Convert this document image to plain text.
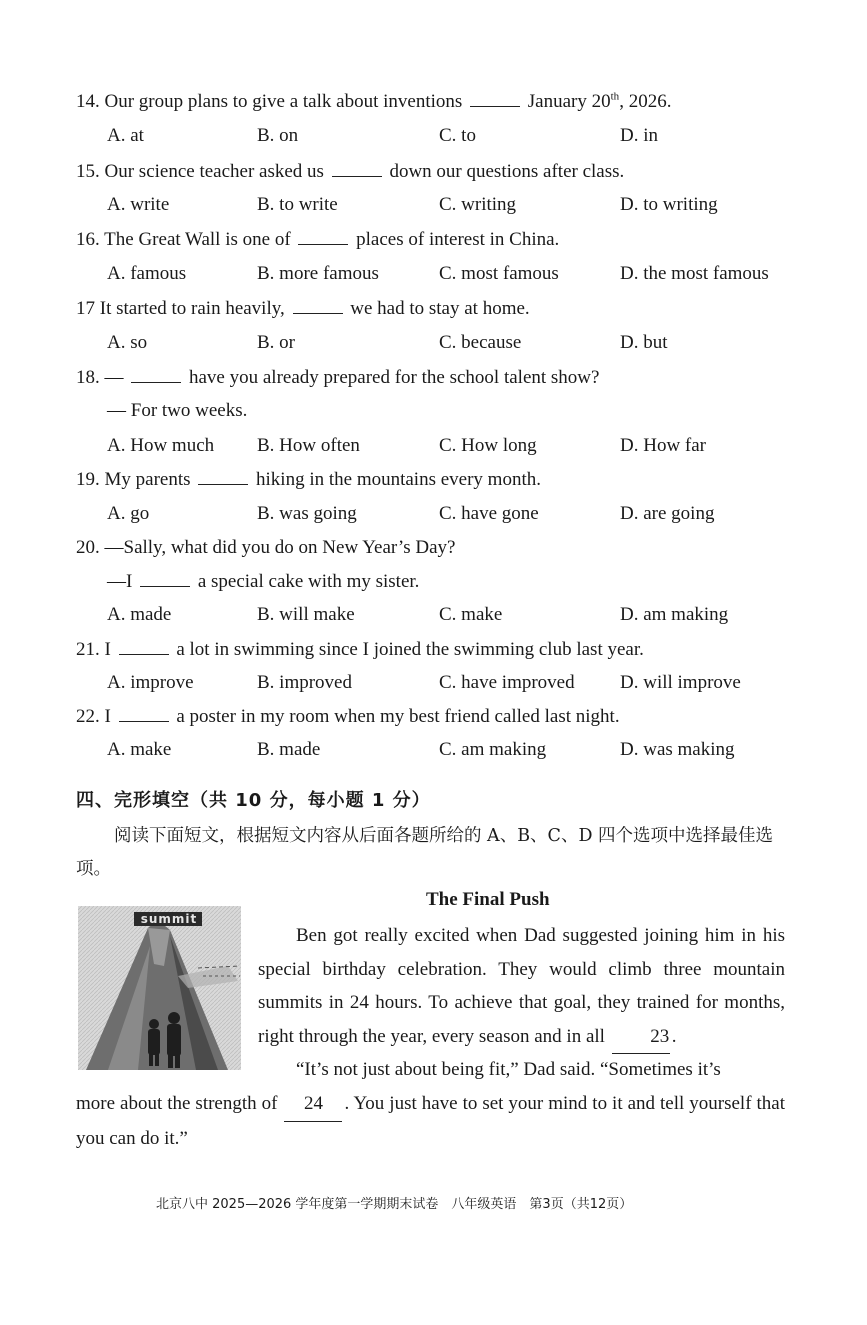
14. Our group plans to give a talk about inventions	January 20th, 2026.
A. at	B. on	C. to	D. in
15. Our science teacher asked us	down our questions after class.
A. write	B. to write	C. writing	D. to writing
16. The Great Wall is one of	places of interest in China.
A. famous	B. more famous	C. most famous	D. the most famous
17 It started to rain heavily,	we had to stay at home.
A. so	B. or	C. because	D. but
18. —	have you already prepared for the school talent show?
— For two weeks.
A. How much B. How often	C. How long	D. How far
19. My parents	hiking in the mountains every month.
A. go	B. was going	C. have gone	D. are going
20. —Sally, what did you do on New Year’s Day?
—I	a special cake with my sister.
A. made	B. will make	C. make	D. am making
21. I	a lot in swimming since I joined the swimming club last year.
A. improve	B. improved	C. have improved D. will improve
22. I	a poster in my room when my best friend called last night.
A. make	B. made	C. am making	D. was making
四、完形填空（共 10 分，每小题 1 分）
阅读下面短文，根据短文内容从后面各题所给的 A、B、C、D 四个选项中选择最佳选项。
The Final Push
summit
Ben got really excited when Dad suggested joining him in his special birthday celebration. They would climb three mountain summits in 24 hours. To achieve that goal, they trained for months, right through the year, every season and in all 23 .
“It’s not just about being fit,” Dad said. “Sometimes it’s
more about the strength of 24 . You just have to set your mind to it and tell yourself that you can do it.”
北京八中 2025—2026 学年度第一学期期末试卷　八年级英语　第3页（共12页）
